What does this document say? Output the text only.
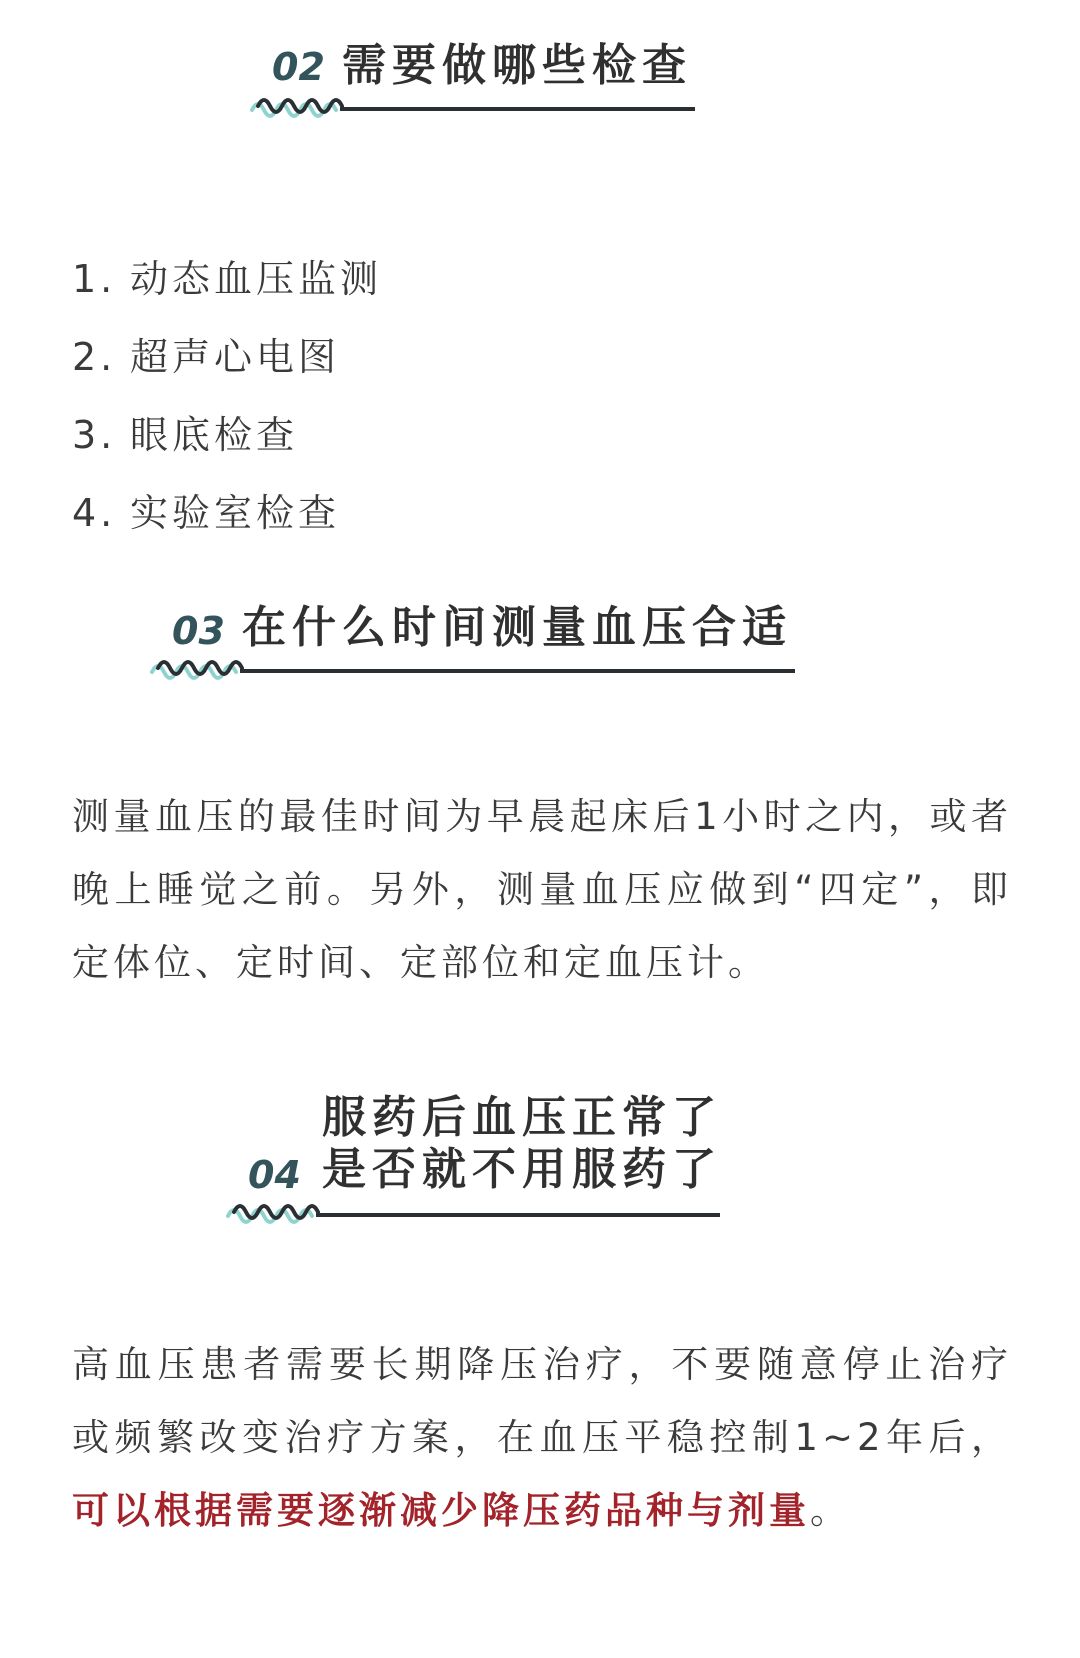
02 需要做哪些检查
1. 动态血压监测
2. 超声心电图
3. 眼底检查
4. 实验室检查
03 在什么时间测量血压合适

测量血压的最佳时间为早晨起床后1小时之内，或者晚上睡觉之前。另外，测量血压应做到“四定”，即定体位、定时间、定部位和定血压计。

服药后血压正常了
04 是否就不用服药了

高血压患者需要长期降压治疗，不要随意停止治疗或频繁改变治疗方案，在血压平稳控制1~2年后，可以根据需要逐渐减少降压药品种与剂量。
